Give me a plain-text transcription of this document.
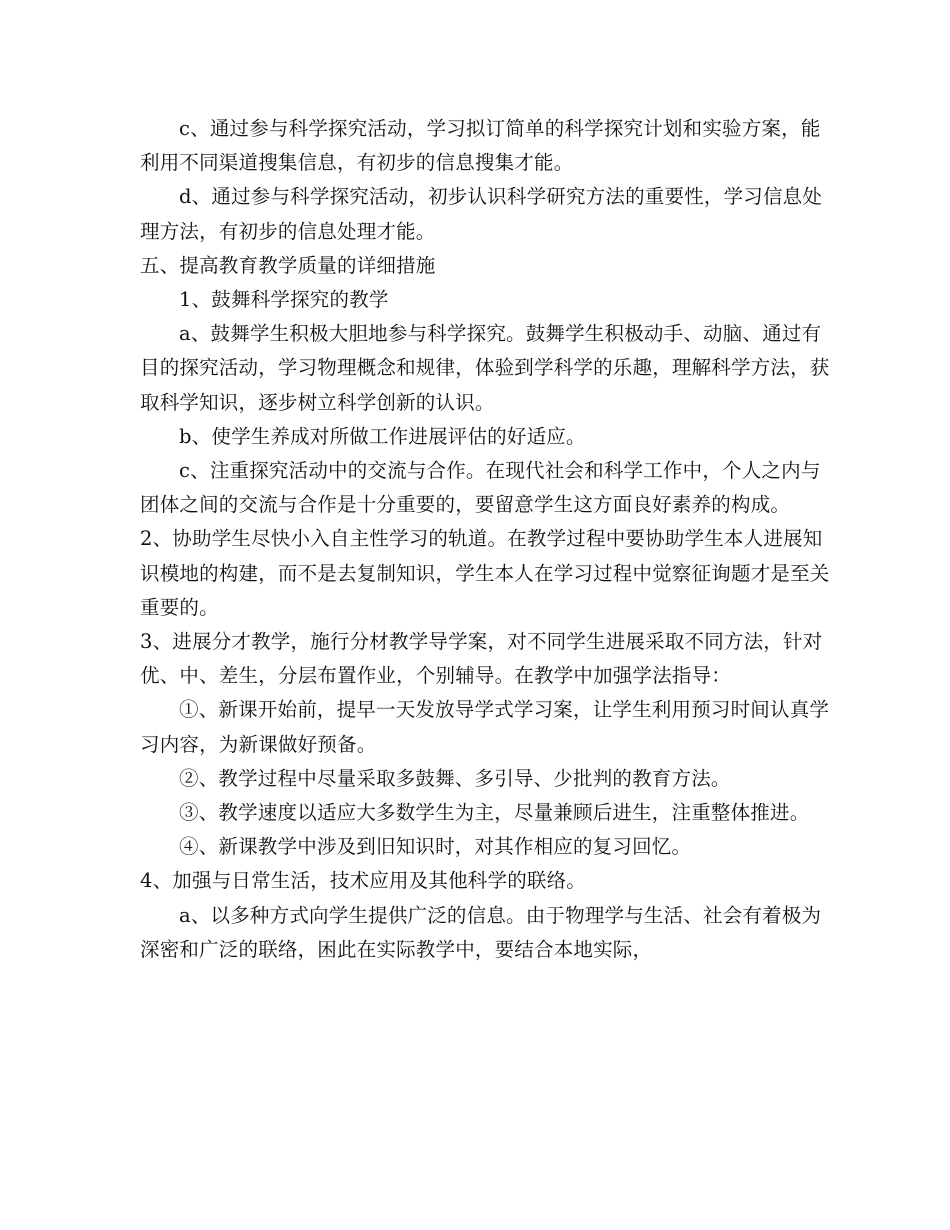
c、通过参与科学探究活动，学习拟订简单的科学探究计划和实验方案，能利用不同渠道搜集信息，有初步的信息搜集才能。

d、通过参与科学探究活动，初步认识科学研究方法的重要性，学习信息处理方法，有初步的信息处理才能。

五、提高教育教学质量的详细措施

1、鼓舞科学探究的教学

a、鼓舞学生积极大胆地参与科学探究。鼓舞学生积极动手、动脑、通过有目的探究活动，学习物理概念和规律，体验到学科学的乐趣，理解科学方法，获取科学知识，逐步树立科学创新的认识。

b、使学生养成对所做工作进展评估的好适应。

c、注重探究活动中的交流与合作。在现代社会和科学工作中，个人之内与团体之间的交流与合作是十分重要的，要留意学生这方面良好素养的构成。

2、协助学生尽快小入自主性学习的轨道。在教学过程中要协助学生本人进展知识模地的构建，而不是去复制知识，学生本人在学习过程中觉察征询题才是至关重要的。

3、进展分才教学，施行分材教学导学案，对不同学生进展采取不同方法，针对优、中、差生，分层布置作业，个别辅导。在教学中加强学法指导：

①、新课开始前，提早一天发放导学式学习案，让学生利用预习时间认真学习内容，为新课做好预备。

②、教学过程中尽量采取多鼓舞、多引导、少批判的教育方法。

③、教学速度以适应大多数学生为主，尽量兼顾后进生，注重整体推进。

④、新课教学中涉及到旧知识时，对其作相应的复习回忆。

4、加强与日常生活，技术应用及其他科学的联络。

a、以多种方式向学生提供广泛的信息。由于物理学与生活、社会有着极为深密和广泛的联络，困此在实际教学中，要结合本地实际，
